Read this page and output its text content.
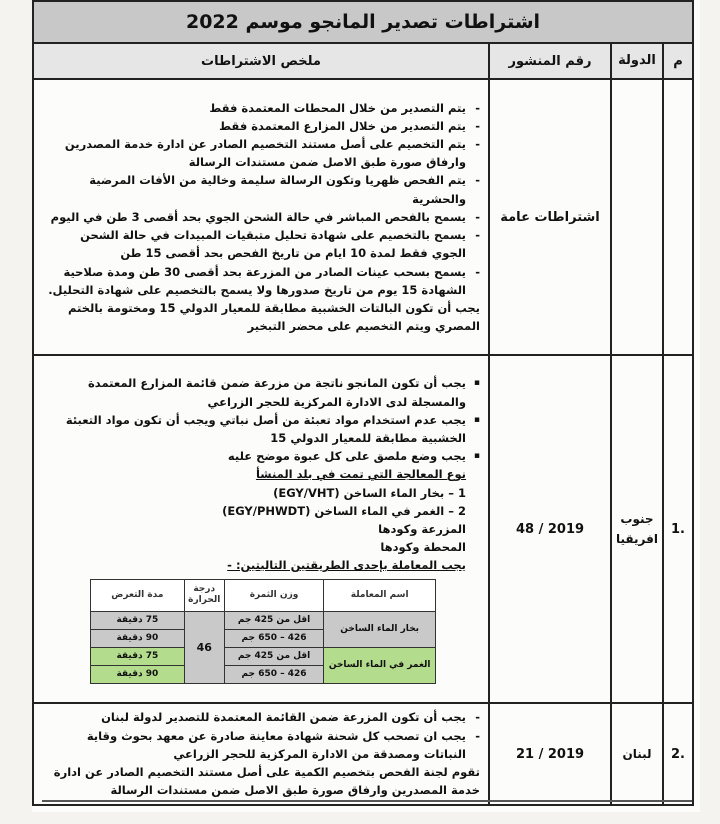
اشتراطات تصدير المانجو موسم 2022
م	الدولة	رقم المنشور	ملخص الاشتراطات
		اشتراطات عامة	
- يتم التصدير من خلال المحطات المعتمدة فقط
- يتم التصدير من خلال المزارع المعتمدة فقط
- يتم التخصيم على أصل مستند التخصيم الصادر عن ادارة خدمة المصدرين وارفاق صورة طبق الاصل ضمن مستندات الرسالة
- يتم الفحص ظهريا وتكون الرسالة سليمة وخالية من الأفات المرضية والحشرية
- يسمح بالفحص المباشر في حالة الشحن الجوي بحد أقصى 3 طن في اليوم
- يسمح بالتخصيم على شهادة تحليل متبقيات المبيدات في حالة الشحن الجوي فقط لمدة 10 ايام من تاريخ الفحص بحد أقصى 15 طن
- يسمح بسحب عينات الصادر من المزرعة بحد أقصى 30 طن ومدة صلاحية الشهادة 15 يوم من تاريخ صدورها ولا يسمح بالتخصيم على شهادة التحليل.
يجب أن تكون البالتات الخشبية مطابقة للمعيار الدولي 15 ومختومة بالختم المصري ويتم التخصيم على محضر التبخير

.1	جنوب افريقيا	2019 / 48	
▪ يجب أن تكون المانجو ناتجة من مزرعة ضمن قائمة المزارع المعتمدة والمسجلة لدى الادارة المركزية للحجر الزراعي
▪ يجب عدم استخدام مواد تعبئة من أصل نباتي ويجب أن تكون مواد التعبئة الخشبية مطابقة للمعيار الدولي 15
▪ يجب وضع ملصق على كل عبوة موضح عليه
نوع المعالجة التي تمت في بلد المنشأ
1 – بخار الماء الساخن (EGY/VHT)
2 – الغمر في الماء الساخن (EGY/PHWDT)
المزرعة وكودها
المحطة وكودها
يجب المعاملة بإحدى الطريقتين التاليتين: -
اسم المعاملة	وزن الثمرة	درجة الحرارة	مدة التعرض
بخار الماء الساخن	اقل من 425 جم	46	75 دقيقة
426 – 650 جم	90 دقيقة
الغمر في الماء الساخن	اقل من 425 جم	75 دقيقة
426 – 650 جم	90 دقيقة

.2	لبنان	2019 / 21	
- يجب أن تكون المزرعة ضمن القائمة المعتمدة للتصدير لدولة لبنان
- يجب ان تصحب كل شحنة شهادة معاينة صادرة عن معهد بحوث وقاية النباتات ومصدقة من الادارة المركزية للحجر الزراعي
تقوم لجنة الفحص بتخصيم الكمية على أصل مستند التخصيم الصادر عن ادارة خدمة المصدرين وارفاق صورة طبق الاصل ضمن مستندات الرسالة
